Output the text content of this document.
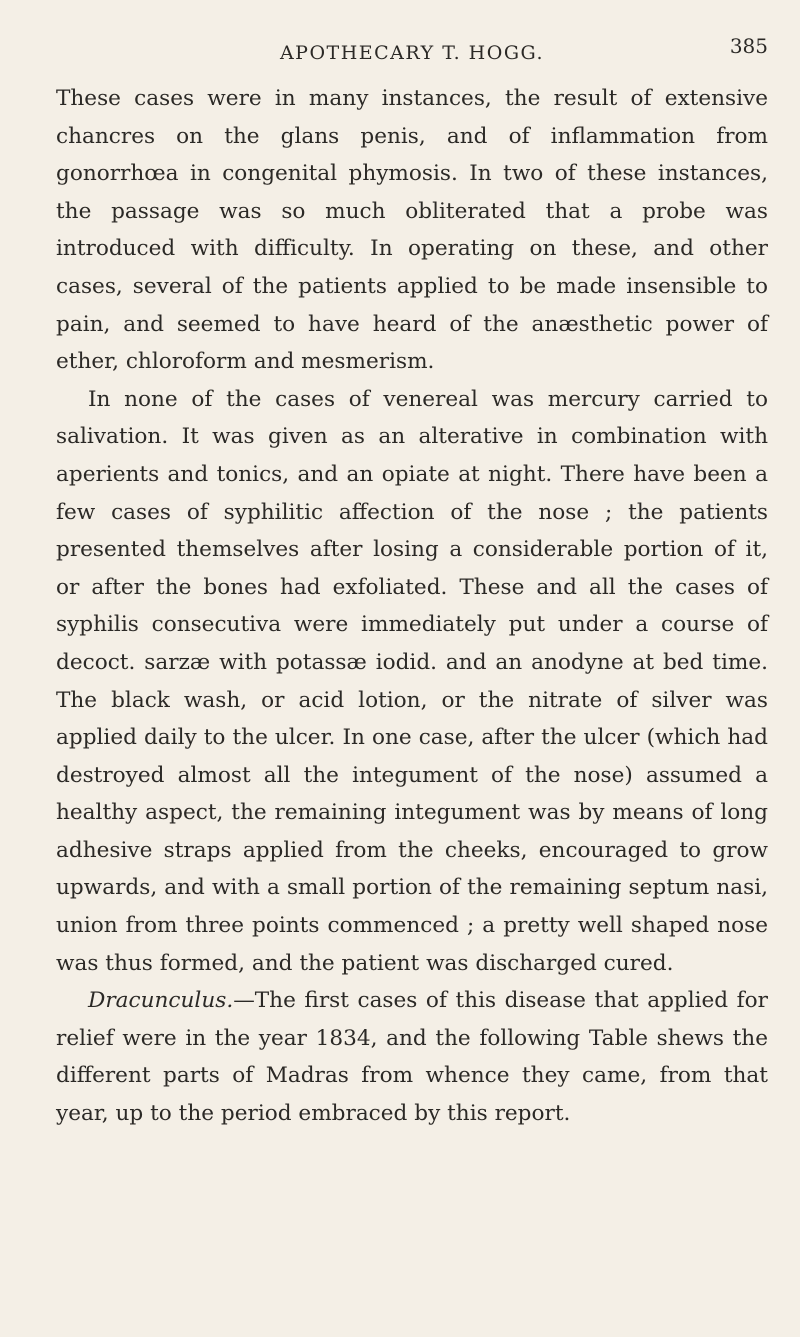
APOTHECARY T. HOGG.	385

These cases were in many instances, the result of extensive chancres on the glans penis, and of inflammation from gonorrhœa in congenital phymosis. In two of these instances, the passage was so much obliterated that a probe was introduced with difficulty. In operating on these, and other cases, several of the patients applied to be made insensible to pain, and seemed to have heard of the anæsthetic power of ether, chloroform and mesmerism.

In none of the cases of venereal was mercury carried to salivation. It was given as an alterative in combination with aperients and tonics, and an opiate at night. There have been a few cases of syphilitic affection of the nose ; the patients presented themselves after losing a considerable portion of it, or after the bones had exfoliated. These and all the cases of syphilis consecutiva were immediately put under a course of decoct. sarzæ with potassæ iodid. and an anodyne at bed time. The black wash, or acid lotion, or the nitrate of silver was applied daily to the ulcer. In one case, after the ulcer (which had destroyed almost all the integument of the nose) assumed a healthy aspect, the remaining integument was by means of long adhesive straps applied from the cheeks, encouraged to grow upwards, and with a small portion of the remaining septum nasi, union from three points commenced ; a pretty well shaped nose was thus formed, and the patient was discharged cured.

Dracunculus.—The first cases of this disease that applied for relief were in the year 1834, and the following Table shews the different parts of Madras from whence they came, from that year, up to the period embraced by this report.
